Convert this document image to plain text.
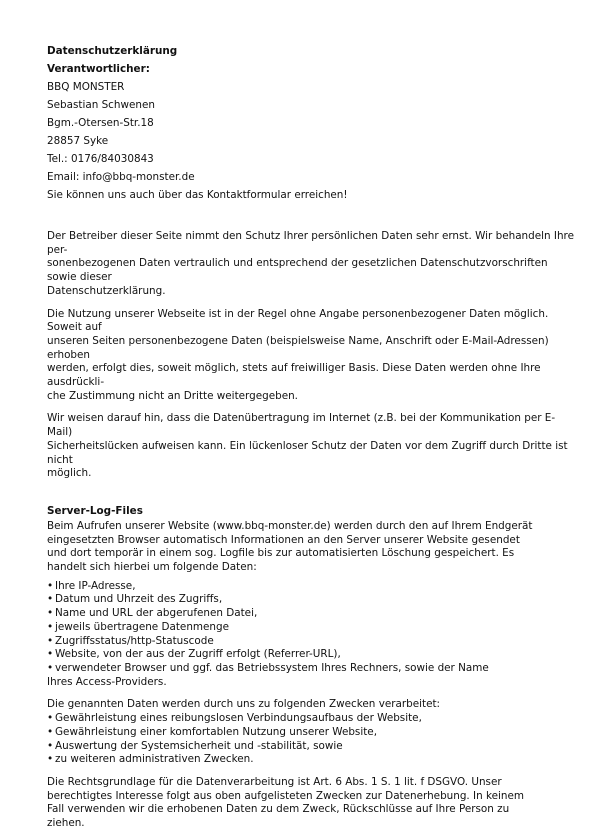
Datenschutzerklärung
Verantwortlicher:
BBQ MONSTER
Sebastian Schwenen
Bgm.-Otersen-Str.18
28857 Syke
Tel.: 0176/84030843
Email: info@bbq-monster.de
Sie können uns auch über das Kontaktformular erreichen!
Der Betreiber dieser Seite nimmt den Schutz Ihrer persönlichen Daten sehr ernst. Wir behandeln Ihre per-
sonenbezogenen Daten vertraulich und entsprechend der gesetzlichen Datenschutzvorschriften sowie dieser
Datenschutzerklärung.
Die Nutzung unserer Webseite ist in der Regel ohne Angabe personenbezogener Daten möglich. Soweit auf
unseren Seiten personenbezogene Daten (beispielsweise Name, Anschrift oder E-Mail-Adressen) erhoben
werden, erfolgt dies, soweit möglich, stets auf freiwilliger Basis. Diese Daten werden ohne Ihre ausdrückli-
che Zustimmung nicht an Dritte weitergegeben.
Wir weisen darauf hin, dass die Datenübertragung im Internet (z.B. bei der Kommunikation per E-Mail)
Sicherheitslücken aufweisen kann. Ein lückenloser Schutz der Daten vor dem Zugriff durch Dritte ist nicht
möglich.
Server-Log-Files
Beim Aufrufen unserer Website (www.bbq-monster.de) werden durch den auf Ihrem Endgerät
eingesetzten Browser automatisch Informationen an den Server unserer Website gesendet
und dort temporär in einem sog. Logfile bis zur automatisierten Löschung gespeichert. Es
handelt sich hierbei um folgende Daten:
• Ihre IP-Adresse,
• Datum und Uhrzeit des Zugriffs,
• Name und URL der abgerufenen Datei,
• jeweils übertragene Datenmenge
• Zugriffsstatus/http-Statuscode
• Website, von der aus der Zugriff erfolgt (Referrer-URL),
• verwendeter Browser und ggf. das Betriebssystem Ihres Rechners, sowie der Name
Ihres Access-Providers.
Die genannten Daten werden durch uns zu folgenden Zwecken verarbeitet:
• Gewährleistung eines reibungslosen Verbindungsaufbaus der Website,
• Gewährleistung einer komfortablen Nutzung unserer Website,
• Auswertung der Systemsicherheit und -stabilität, sowie
• zu weiteren administrativen Zwecken.
Die Rechtsgrundlage für die Datenverarbeitung ist Art. 6 Abs. 1 S. 1 lit. f DSGVO. Unser
berechtigtes Interesse folgt aus oben aufgelisteten Zwecken zur Datenerhebung. In keinem
Fall verwenden wir die erhobenen Daten zu dem Zweck, Rückschlüsse auf Ihre Person zu
ziehen.
